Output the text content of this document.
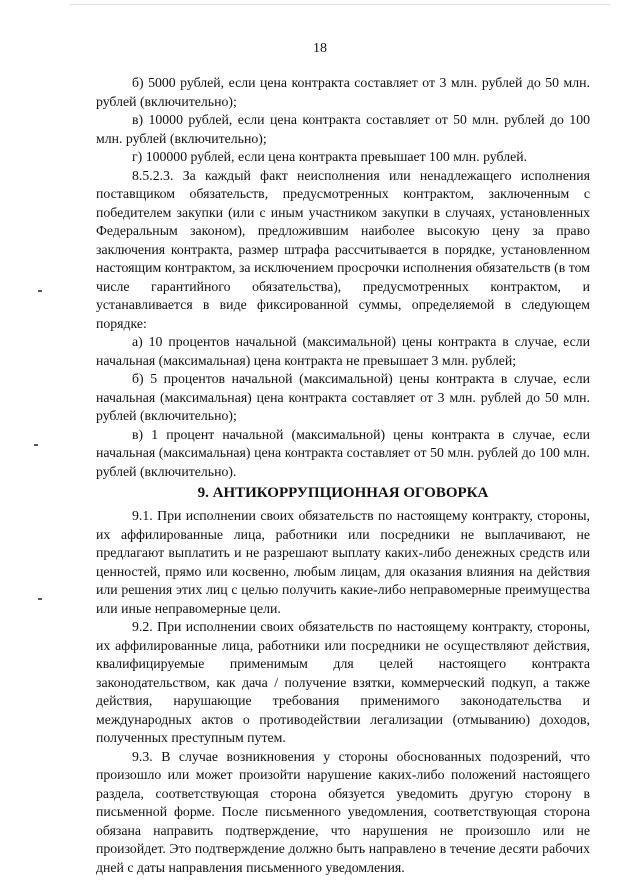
18

б) 5000 рублей, если цена контракта составляет от 3 млн. рублей до 50 млн. рублей (включительно);

в) 10000 рублей, если цена контракта составляет от 50 млн. рублей до 100 млн. рублей (включительно);

г) 100000 рублей, если цена контракта превышает 100 млн. рублей.

8.5.2.3. За каждый факт неисполнения или ненадлежащего исполнения поставщиком обязательств, предусмотренных контрактом, заключенным с победителем закупки (или с иным участником закупки в случаях, установленных Федеральным законом), предложившим наиболее высокую цену за право заключения контракта, размер штрафа рассчитывается в порядке, установленном настоящим контрактом, за исключением просрочки исполнения обязательств (в том числе гарантийного обязательства), предусмотренных контрактом, и устанавливается в виде фиксированной суммы, определяемой в следующем порядке:

а) 10 процентов начальной (максимальной) цены контракта в случае, если начальная (максимальная) цена контракта не превышает 3 млн. рублей;

б) 5 процентов начальной (максимальной) цены контракта в случае, если начальная (максимальная) цена контракта составляет от 3 млн. рублей до 50 млн. рублей (включительно);

в) 1 процент начальной (максимальной) цены контракта в случае, если начальная (максимальная) цена контракта составляет от 50 млн. рублей до 100 млн. рублей (включительно).

9. АНТИКОРРУПЦИОННАЯ ОГОВОРКА

9.1. При исполнении своих обязательств по настоящему контракту, стороны, их аффилированные лица, работники или посредники не выплачивают, не предлагают выплатить и не разрешают выплату каких-либо денежных средств или ценностей, прямо или косвенно, любым лицам, для оказания влияния на действия или решения этих лиц с целью получить какие-либо неправомерные преимущества или иные неправомерные цели.

9.2. При исполнении своих обязательств по настоящему контракту, стороны, их аффилированные лица, работники или посредники не осуществляют действия, квалифицируемые применимым для целей настоящего контракта законодательством, как дача / получение взятки, коммерческий подкуп, а также действия, нарушающие требования применимого законодательства и международных актов о противодействии легализации (отмыванию) доходов, полученных преступным путем.

9.3. В случае возникновения у стороны обоснованных подозрений, что произошло или может произойти нарушение каких-либо положений настоящего раздела, соответствующая сторона обязуется уведомить другую сторону в письменной форме. После письменного уведомления, соответствующая сторона обязана направить подтверждение, что нарушения не произошло или не произойдет. Это подтверждение должно быть направлено в течение десяти рабочих дней с даты направления письменного уведомления.
